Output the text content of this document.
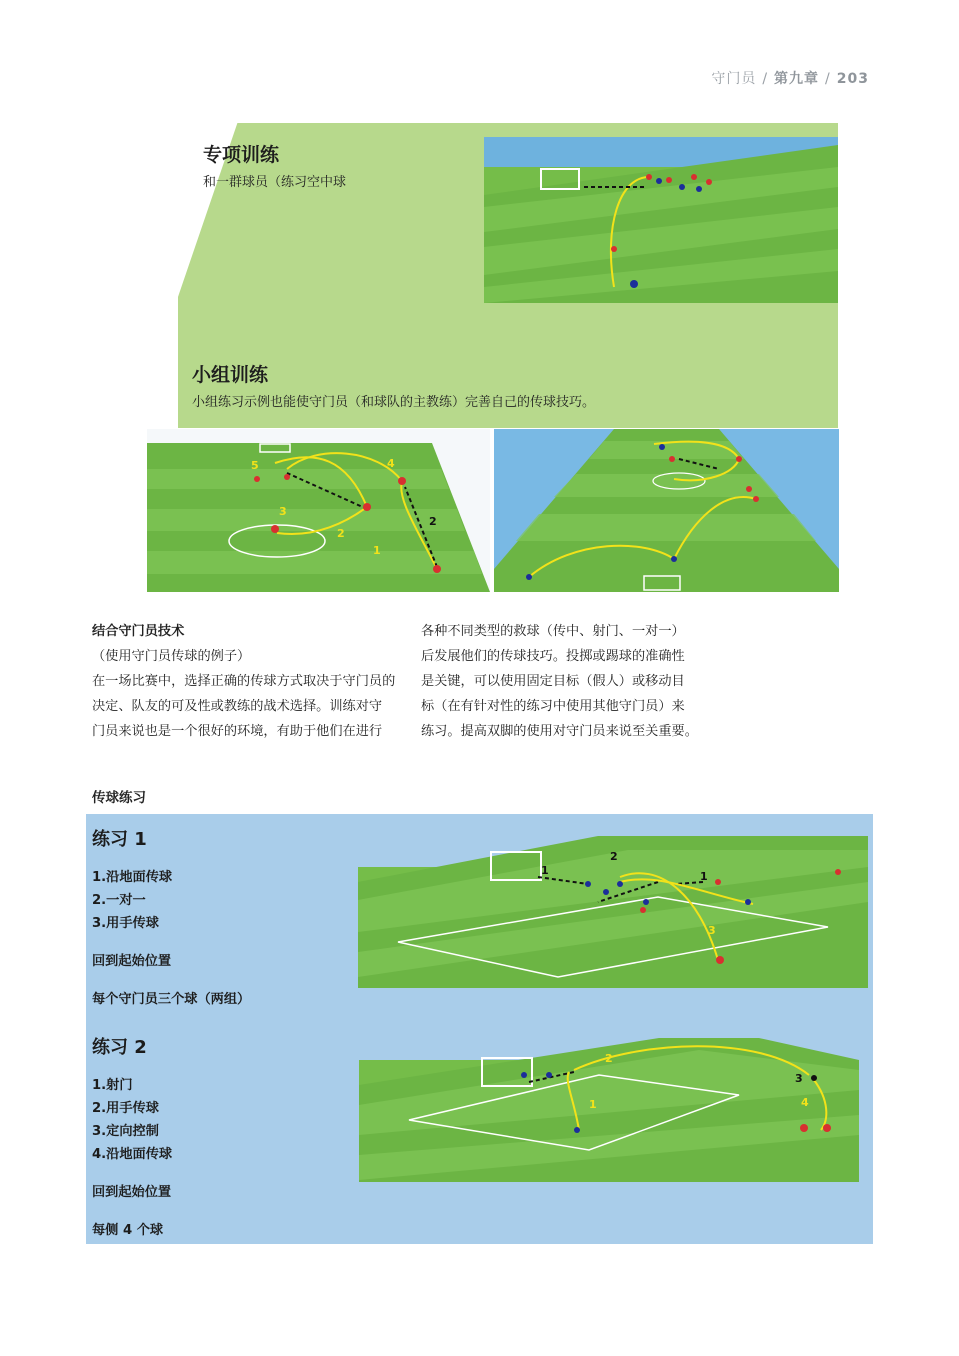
守门员 / 第九章 / 203
专项训练
和一群球员（练习空中球
小组训练
小组练习示例也能使守门员（和球队的主教练）完善自己的传球技巧。
1
2
2
3
4
5

结合守门员技术

（使用守门员传球的例子）

在一场比赛中，选择正确的传球方式取决于守门员的

决定、队友的可及性或教练的战术选择。训练对守

门员来说也是一个很好的环境，有助于他们在进行

各种不同类型的救球（传中、射门、一对一）

后发展他们的传球技巧。投掷或踢球的准确性

是关键，可以使用固定目标（假人）或移动目

标（在有针对性的练习中使用其他守门员）来

练习。提高双脚的使用对守门员来说至关重要。

传球练习
练习 1
1.沿地面传球
2.一对一
3.用手传球
回到起始位置
每个守门员三个球（两组）
1	1
2
3
练习 2
1.射门
2.用手传球
3.定向控制
4.沿地面传球
回到起始位置
每侧 4 个球
1
2
3
4
